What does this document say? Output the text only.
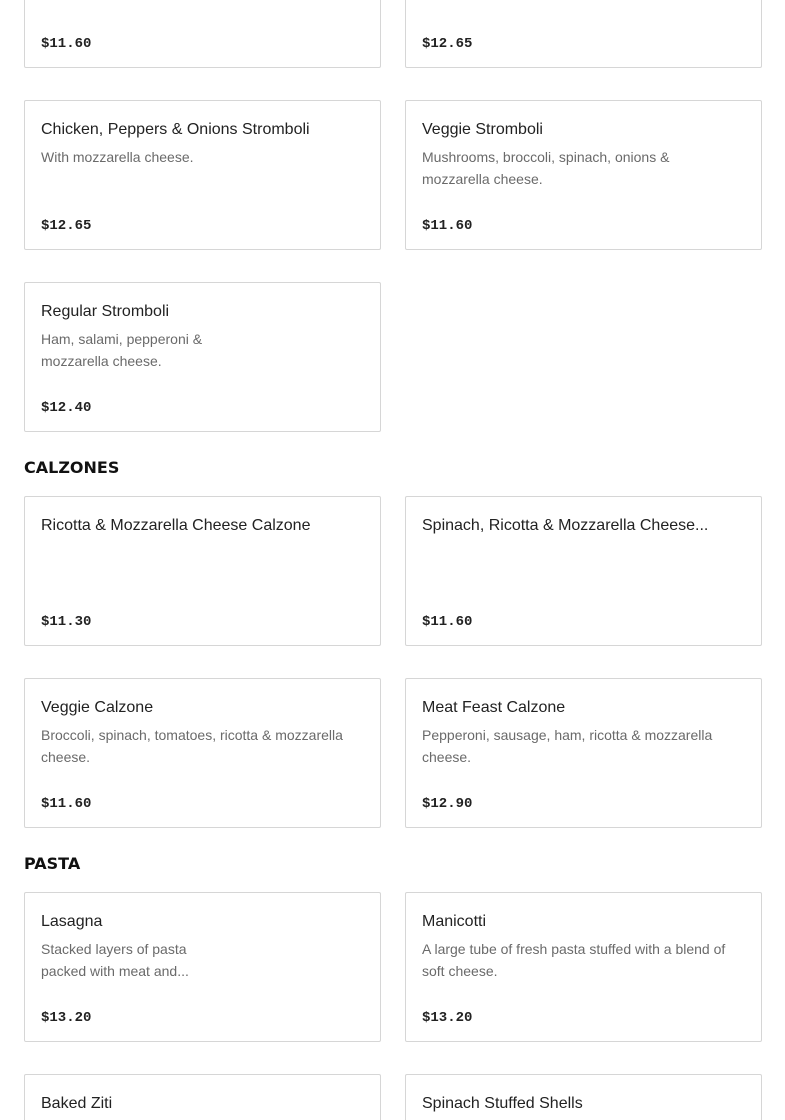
$11.60	$12.65
Chicken, Peppers & Onions Stromboli
With mozzarella cheese.
$12.65
Veggie Stromboli
Mushrooms, broccoli, spinach, onions & mozzarella cheese.
$11.60
Regular Stromboli
Ham, salami, pepperoni & mozzarella cheese.
$12.40
CALZONES
Ricotta & Mozzarella Cheese Calzone
$11.30
Spinach, Ricotta & Mozzarella Cheese...
$11.60
Veggie Calzone
Broccoli, spinach, tomatoes, ricotta & mozzarella cheese.
$11.60
Meat Feast Calzone
Pepperoni, sausage, ham, ricotta & mozzarella cheese.
$12.90
PASTA
Lasagna
Stacked layers of pasta packed with meat and...
$13.20
Manicotti
A large tube of fresh pasta stuffed with a blend of soft cheese.
$13.20
Baked Ziti	Spinach Stuffed Shells
